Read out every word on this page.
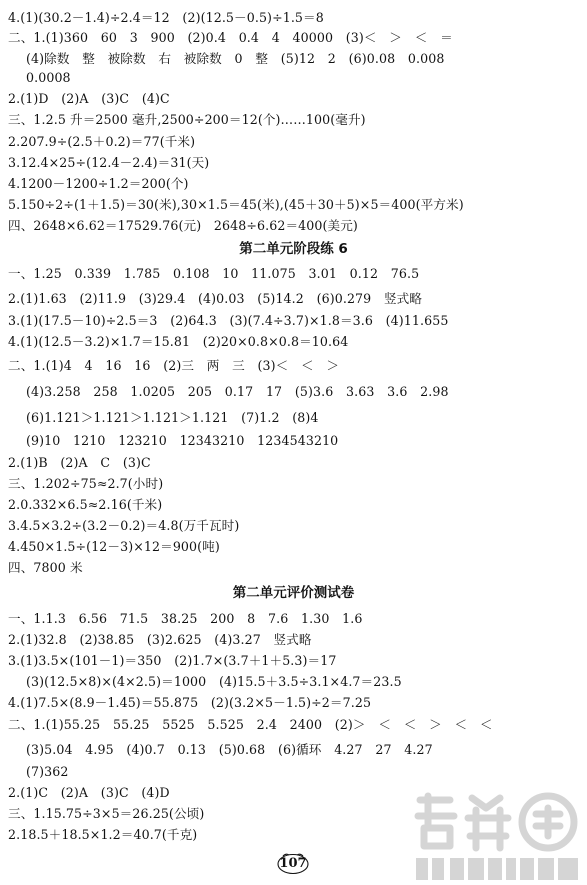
4.(1)(30.2－1.4)÷2.4＝12　(2)(12.5－0.5)÷1.5＝8
二、1.(1)360　60　3　900　(2)0.4　0.4　4　40000　(3)＜　＞　＜　＝
(4)除数　整　被除数　右　被除数　0　整　(5)12　2　(6)0.08　0.008
0.0008
2.(1)D　(2)A　(3)C　(4)C
三、1.2.5 升＝2500 毫升,2500÷200＝12(个)……100(毫升)
2.207.9÷(2.5＋0.2)＝77(千米)
3.12.4×25÷(12.4－2.4)＝31(天)
4.1200－1200÷1.2＝200(个)
5.150÷2÷(1＋1.5)＝30(米),30×1.5＝45(米),(45＋30＋5)×5＝400(平方米)
四、2648×6.62＝17529.76(元)　2648÷6.62＝400(美元)
第二单元阶段练 6
一、1.25　0.339　1.785　0.108　10　11.075　3.01　0.12　76.5
2.(1)1.63　(2)11.9　(3)29.4　(4)0.03　(5)14.2　(6)0.279　竖式略
3.(1)(17.5－10)÷2.5＝3　(2)64.3　(3)(7.4÷3.7)×1.8＝3.6　(4)11.655
4.(1)(12.5－3.2)×1.7＝15.81　(2)20×0.8×0.8＝10.64
二、1.(1)4　4　16　16　(2)三　两　三　(3)＜　＜　＞
(4)3.258　258　1.0205　205　0.17　17　(5)3.6　3.63　3.6　2.98
(6)1.121＞1.121＞1.121＞1.121　(7)1.2　(8)4
(9)10　1210　123210　12343210　1234543210
2.(1)B　(2)A　C　(3)C
三、1.202÷75≈2.7(小时)
2.0.332×6.5≈2.16(千米)
3.4.5×3.2÷(3.2－0.2)＝4.8(万千瓦时)
4.450×1.5÷(12－3)×12＝900(吨)
四、7800 米
第二单元评价测试卷
一、1.1.3　6.56　71.5　38.25　200　8　7.6　1.30　1.6
2.(1)32.8　(2)38.85　(3)2.625　(4)3.27　竖式略
3.(1)3.5×(101－1)＝350　(2)1.7×(3.7＋1＋5.3)＝17
(3)(12.5×8)×(4×2.5)＝1000　(4)15.5＋3.5÷3.1×4.7＝23.5
4.(1)7.5×(8.9－1.45)＝55.875　(2)(3.2×5－1.5)÷2＝7.25
二、1.(1)55.25　55.25　5525　5.525　2.4　2400　(2)＞　＜　＜　＞　＜　＜
(3)5.04　4.95　(4)0.7　0.13　(5)0.68　(6)循环　4.27　27　4.27
(7)362
2.(1)C　(2)A　(3)C　(4)D
三、1.15.75÷3×5＝26.25(公顷)
2.18.5＋18.5×1.2＝40.7(千克)
107
